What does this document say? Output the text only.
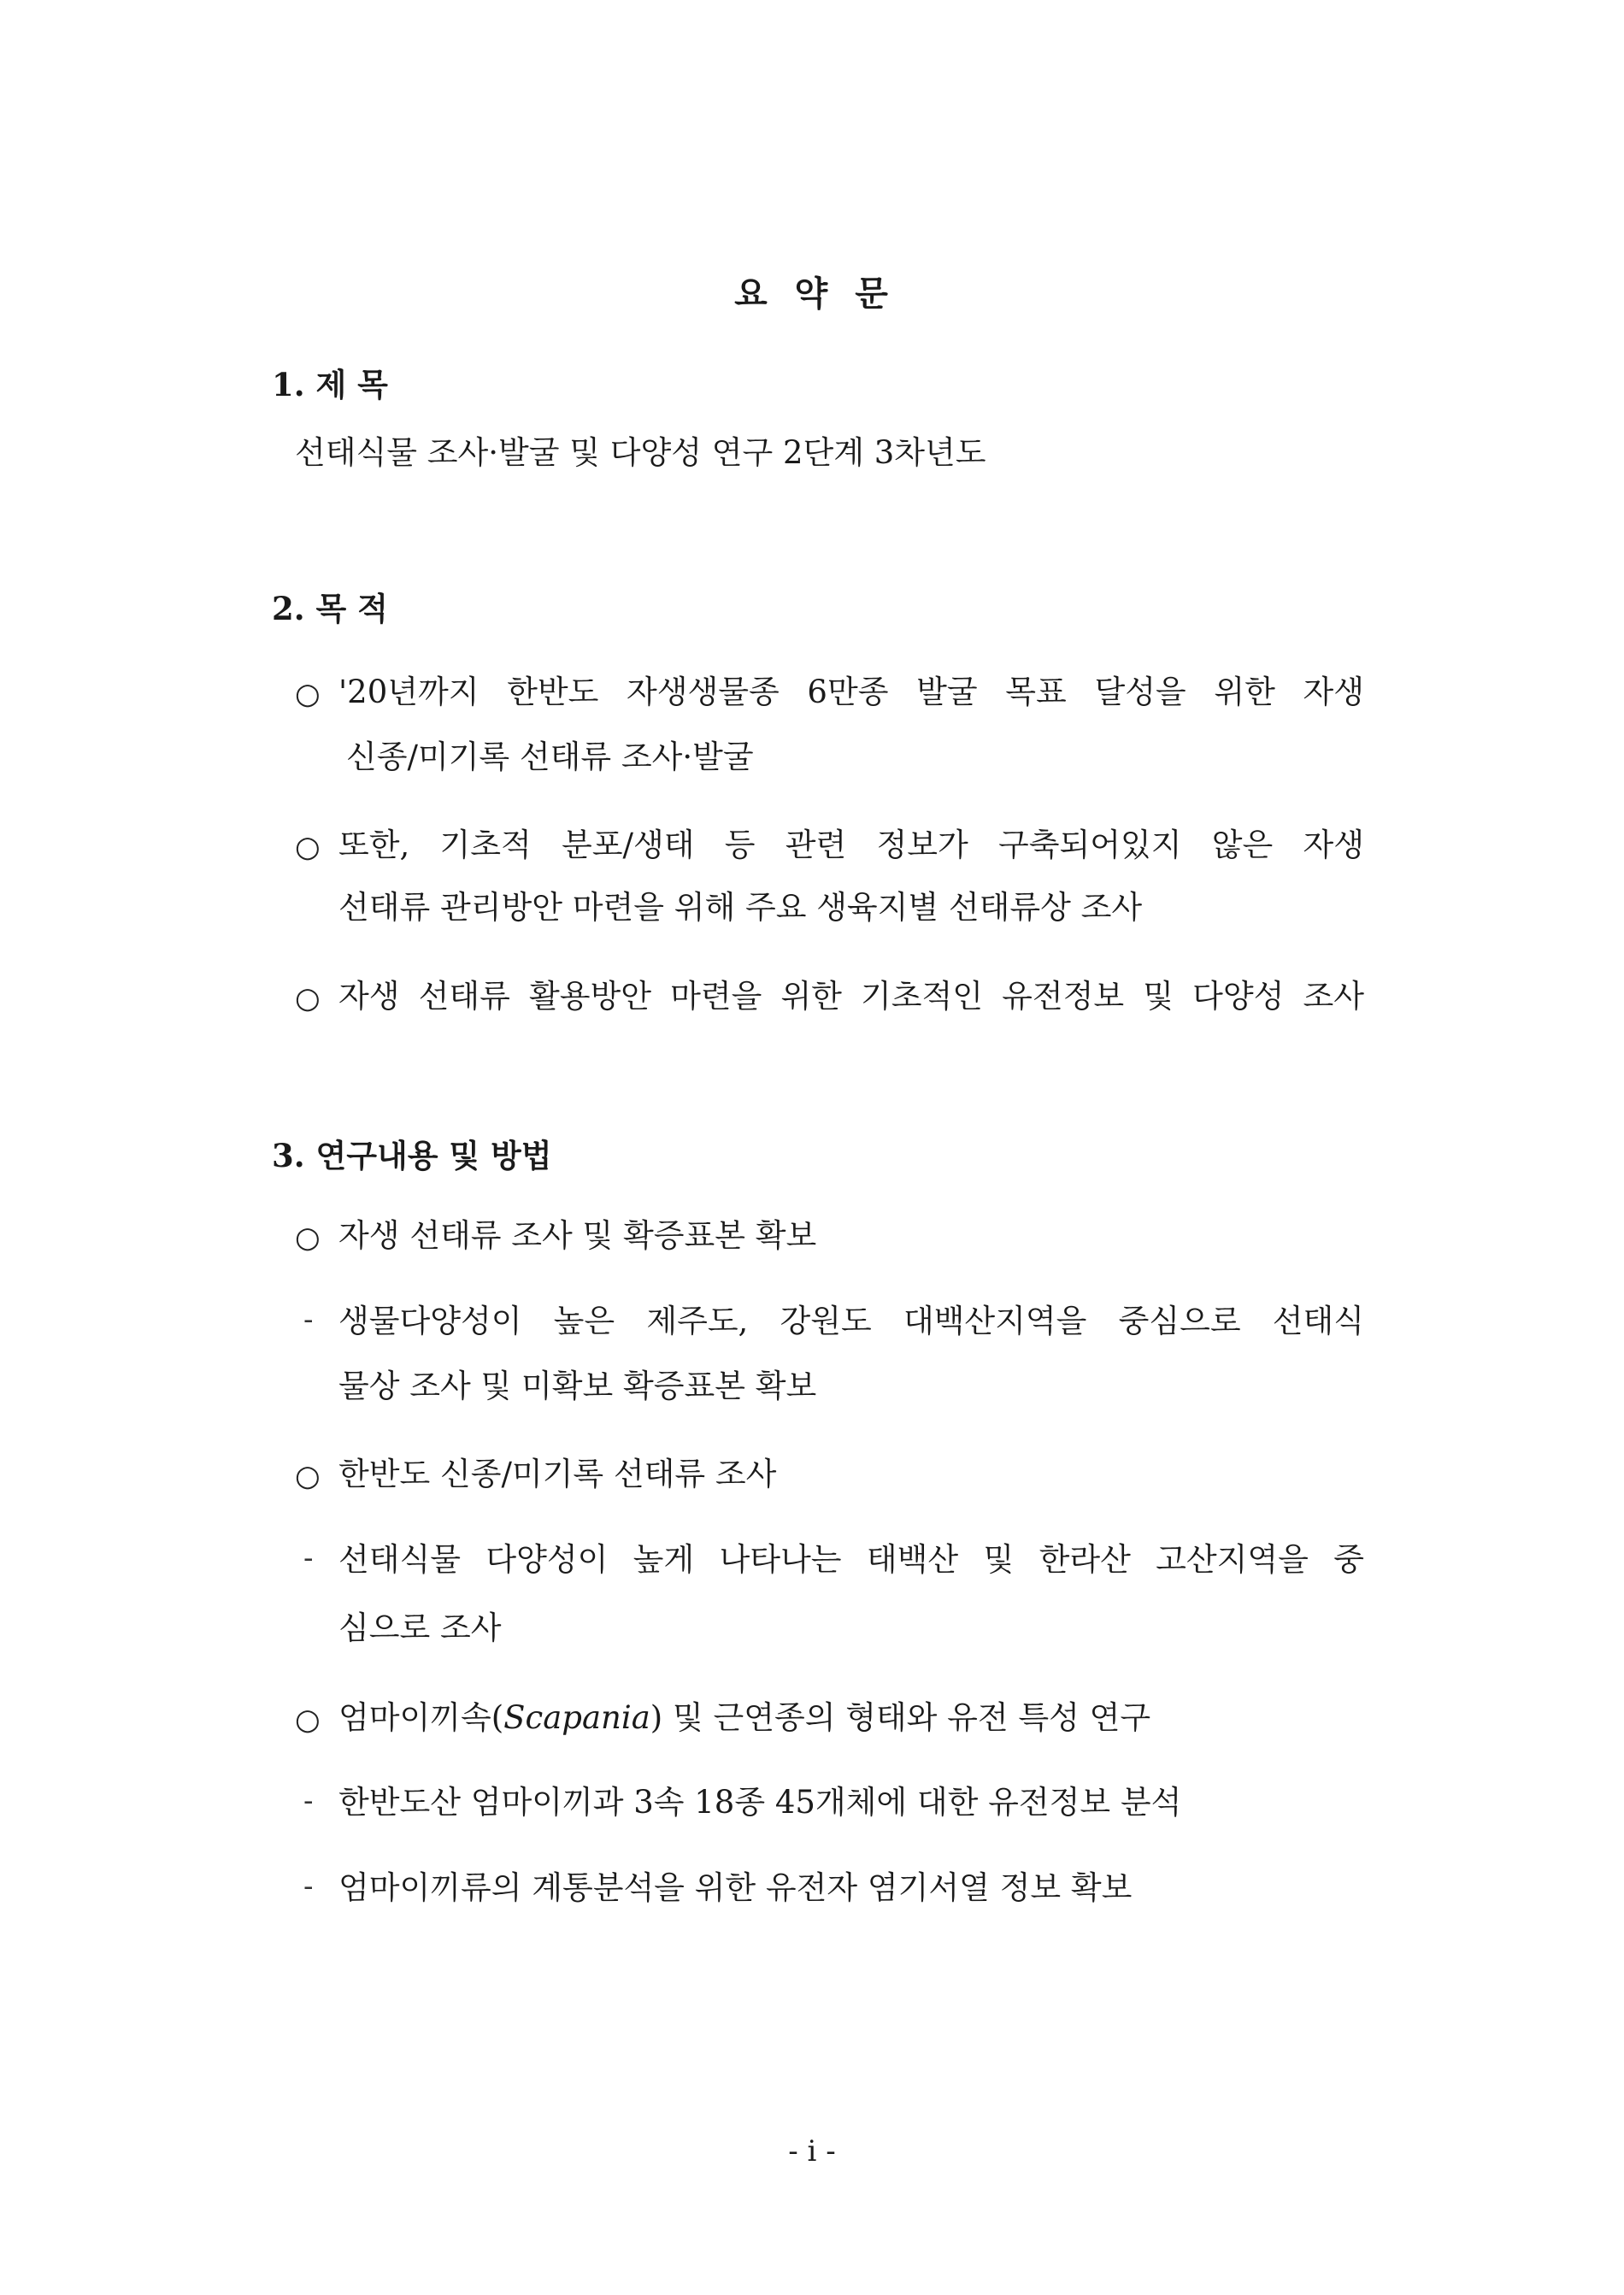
요 약 문
1. 제 목
선태식물 조사·발굴 및 다양성 연구 2단계 3차년도
2. 목 적
○ '20년까지 한반도 자생생물종 6만종 발굴 목표 달성을 위한 자생
신종/미기록 선태류 조사·발굴
○ 또한, 기초적 분포/생태 등 관련 정보가 구축되어있지 않은 자생
선태류 관리방안 마련을 위해 주요 생육지별 선태류상 조사
○ 자생 선태류 활용방안 마련을 위한 기초적인 유전정보 및 다양성 조사
3. 연구내용 및 방법
○ 자생 선태류 조사 및 확증표본 확보
- 생물다양성이 높은 제주도, 강원도 대백산지역을 중심으로 선태식
물상 조사 및 미확보 확증표본 확보
○ 한반도 신종/미기록 선태류 조사
- 선태식물 다양성이 높게 나타나는 태백산 및 한라산 고산지역을 중
심으로 조사
○ 엄마이끼속(Scapania) 및 근연종의 형태와 유전 특성 연구
- 한반도산 엄마이끼과 3속 18종 45개체에 대한 유전정보 분석
- 엄마이끼류의 계통분석을 위한 유전자 염기서열 정보 확보
- i -
